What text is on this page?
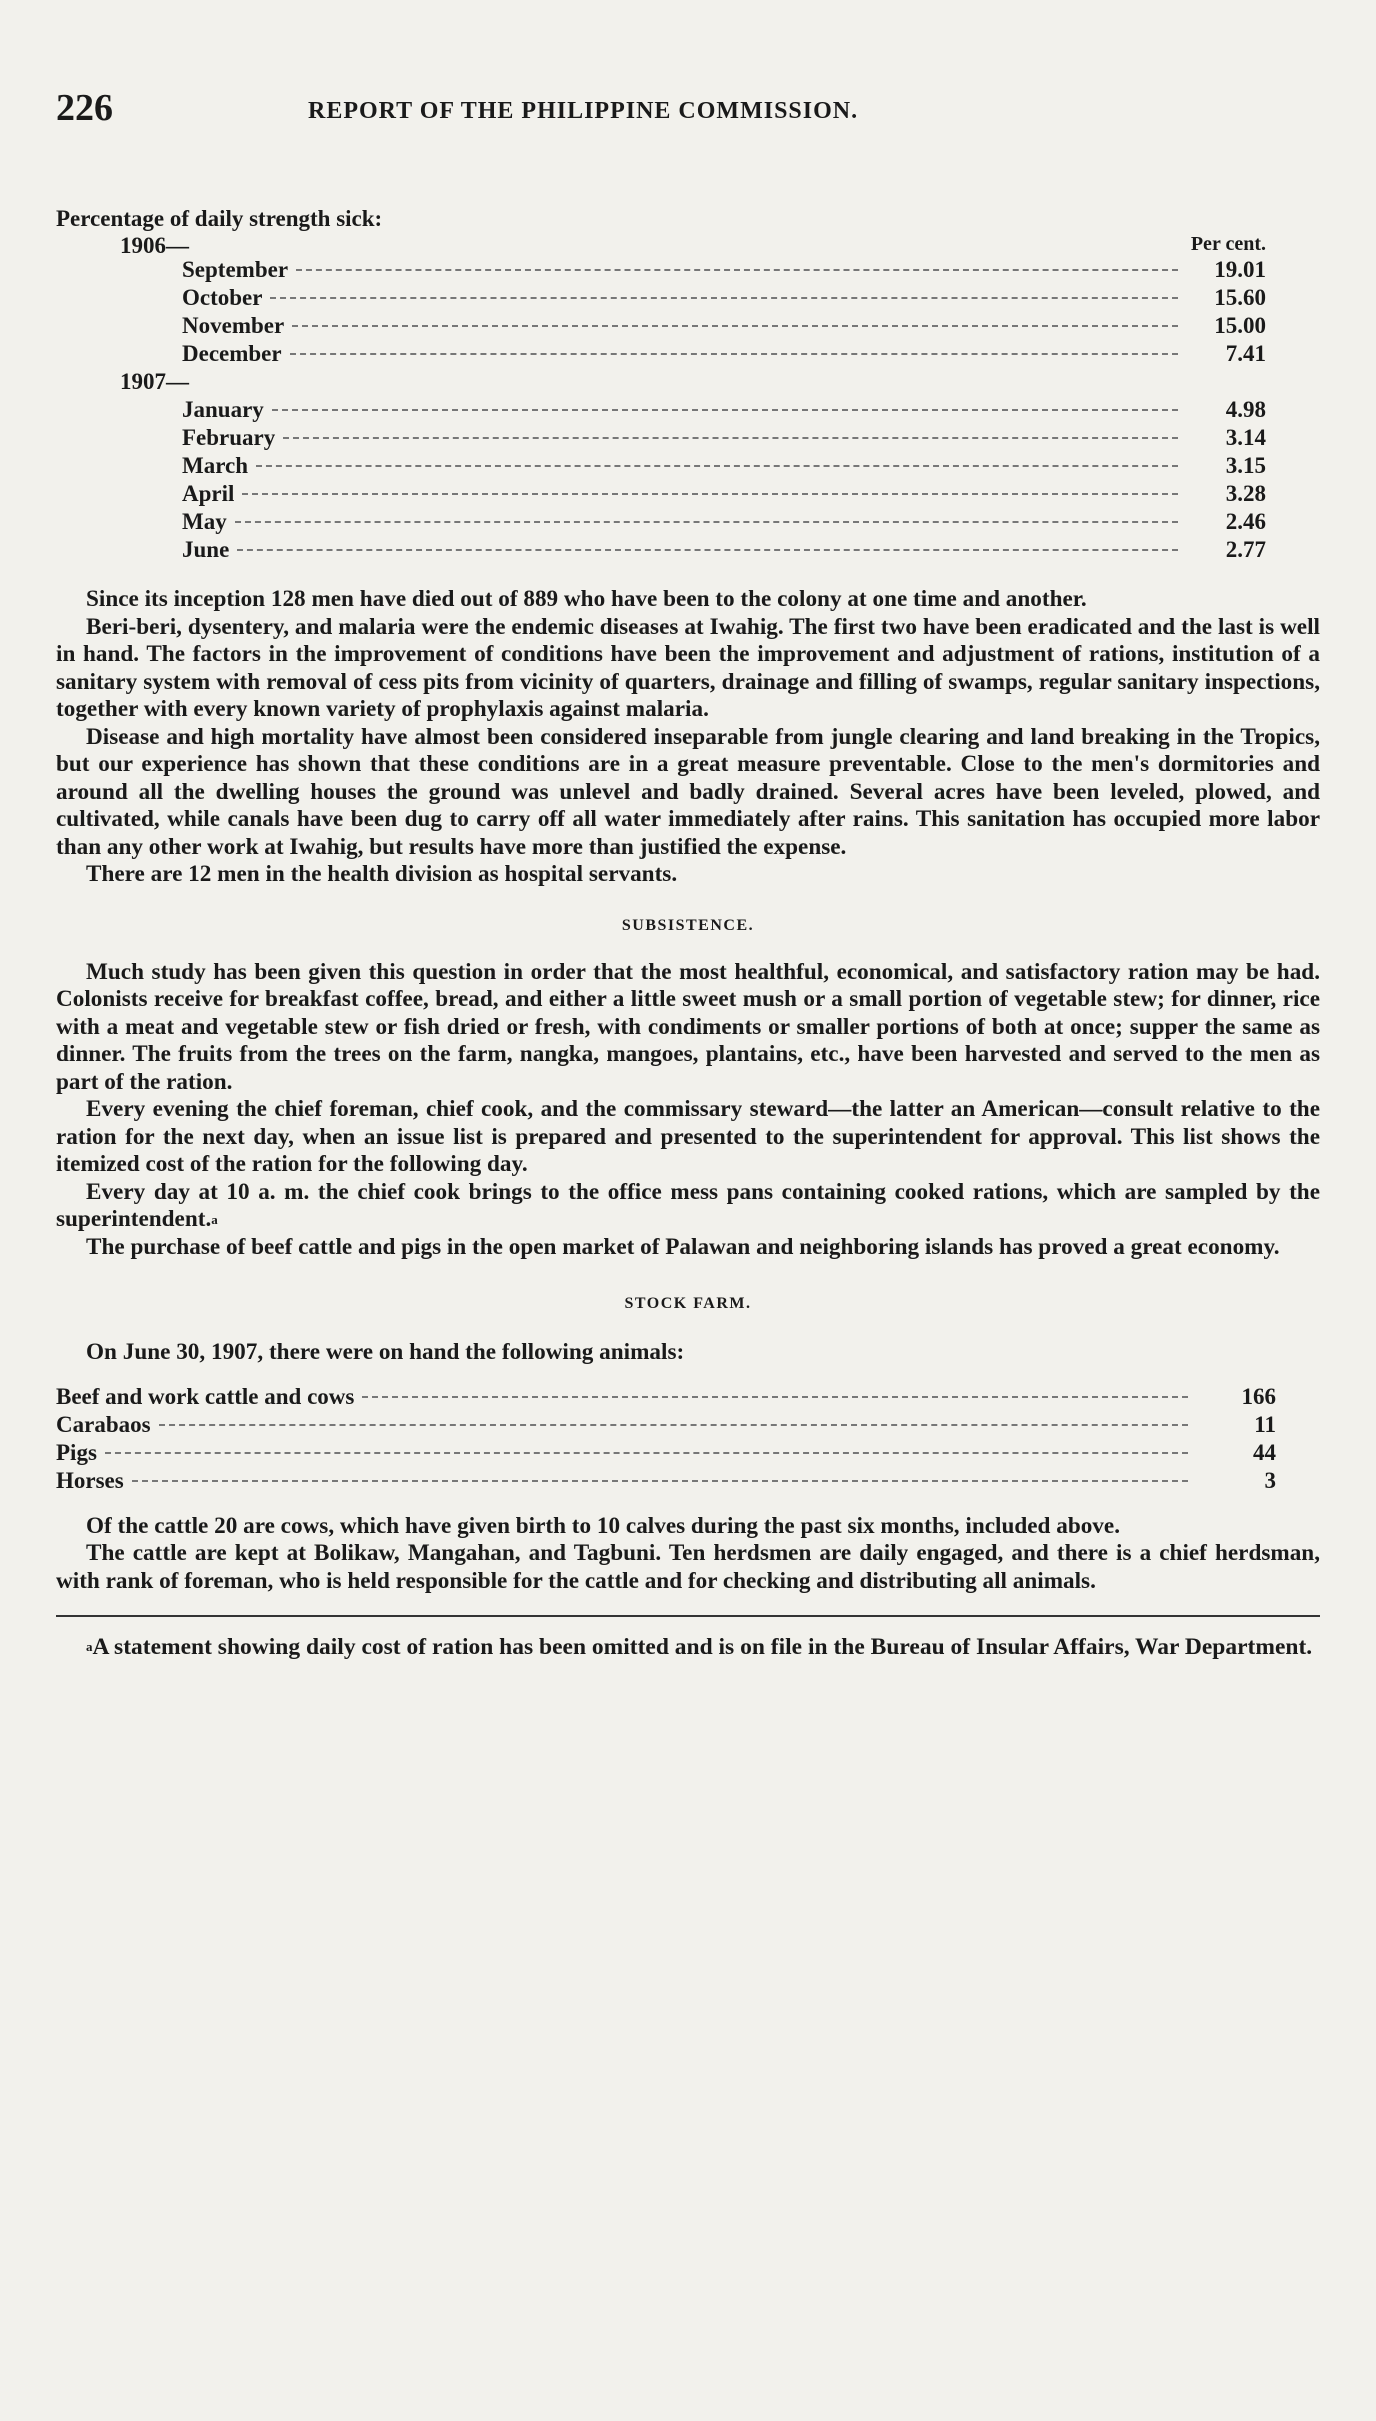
226	REPORT OF THE PHILIPPINE COMMISSION.
Percentage of daily strength sick:
1906—	Per cent.
September	19.01
October	15.60
November	15.00
December	7.41
1907—
January	4.98
February	3.14
March	3.15
April	3.28
May	2.46
June	2.77

Since its inception 128 men have died out of 889 who have been to the colony at one time and another.

Beri-beri, dysentery, and malaria were the endemic diseases at Iwahig. The first two have been eradicated and the last is well in hand. The factors in the improvement of conditions have been the improvement and adjustment of rations, institution of a sanitary system with removal of cess pits from vicinity of quarters, drainage and filling of swamps, regular sanitary inspections, together with every known variety of prophylaxis against malaria.

Disease and high mortality have almost been considered inseparable from jungle clearing and land breaking in the Tropics, but our experience has shown that these conditions are in a great measure preventable. Close to the men's dormitories and around all the dwelling houses the ground was unlevel and badly drained. Several acres have been leveled, plowed, and cultivated, while canals have been dug to carry off all water immediately after rains. This sanitation has occupied more labor than any other work at Iwahig, but results have more than justified the expense.

There are 12 men in the health division as hospital servants.

SUBSISTENCE.

Much study has been given this question in order that the most healthful, economical, and satisfactory ration may be had. Colonists receive for breakfast coffee, bread, and either a little sweet mush or a small portion of vegetable stew; for dinner, rice with a meat and vegetable stew or fish dried or fresh, with condiments or smaller portions of both at once; supper the same as dinner. The fruits from the trees on the farm, nangka, mangoes, plantains, etc., have been harvested and served to the men as part of the ration.

Every evening the chief foreman, chief cook, and the commissary steward—the latter an American—consult relative to the ration for the next day, when an issue list is prepared and presented to the superintendent for approval. This list shows the itemized cost of the ration for the following day.

Every day at 10 a. m. the chief cook brings to the office mess pans containing cooked rations, which are sampled by the superintendent.$^a$

The purchase of beef cattle and pigs in the open market of Palawan and neighboring islands has proved a great economy.

STOCK FARM.

On June 30, 1907, there were on hand the following animals:

Beef and work cattle and cows	166
Carabaos	11
Pigs	44
Horses	3

Of the cattle 20 are cows, which have given birth to 10 calves during the past six months, included above.

The cattle are kept at Bolikaw, Mangahan, and Tagbuni. Ten herdsmen are daily engaged, and there is a chief herdsman, with rank of foreman, who is held responsible for the cattle and for checking and distributing all animals.

$^a$A statement showing daily cost of ration has been omitted and is on file in the Bureau of Insular Affairs, War Department.
